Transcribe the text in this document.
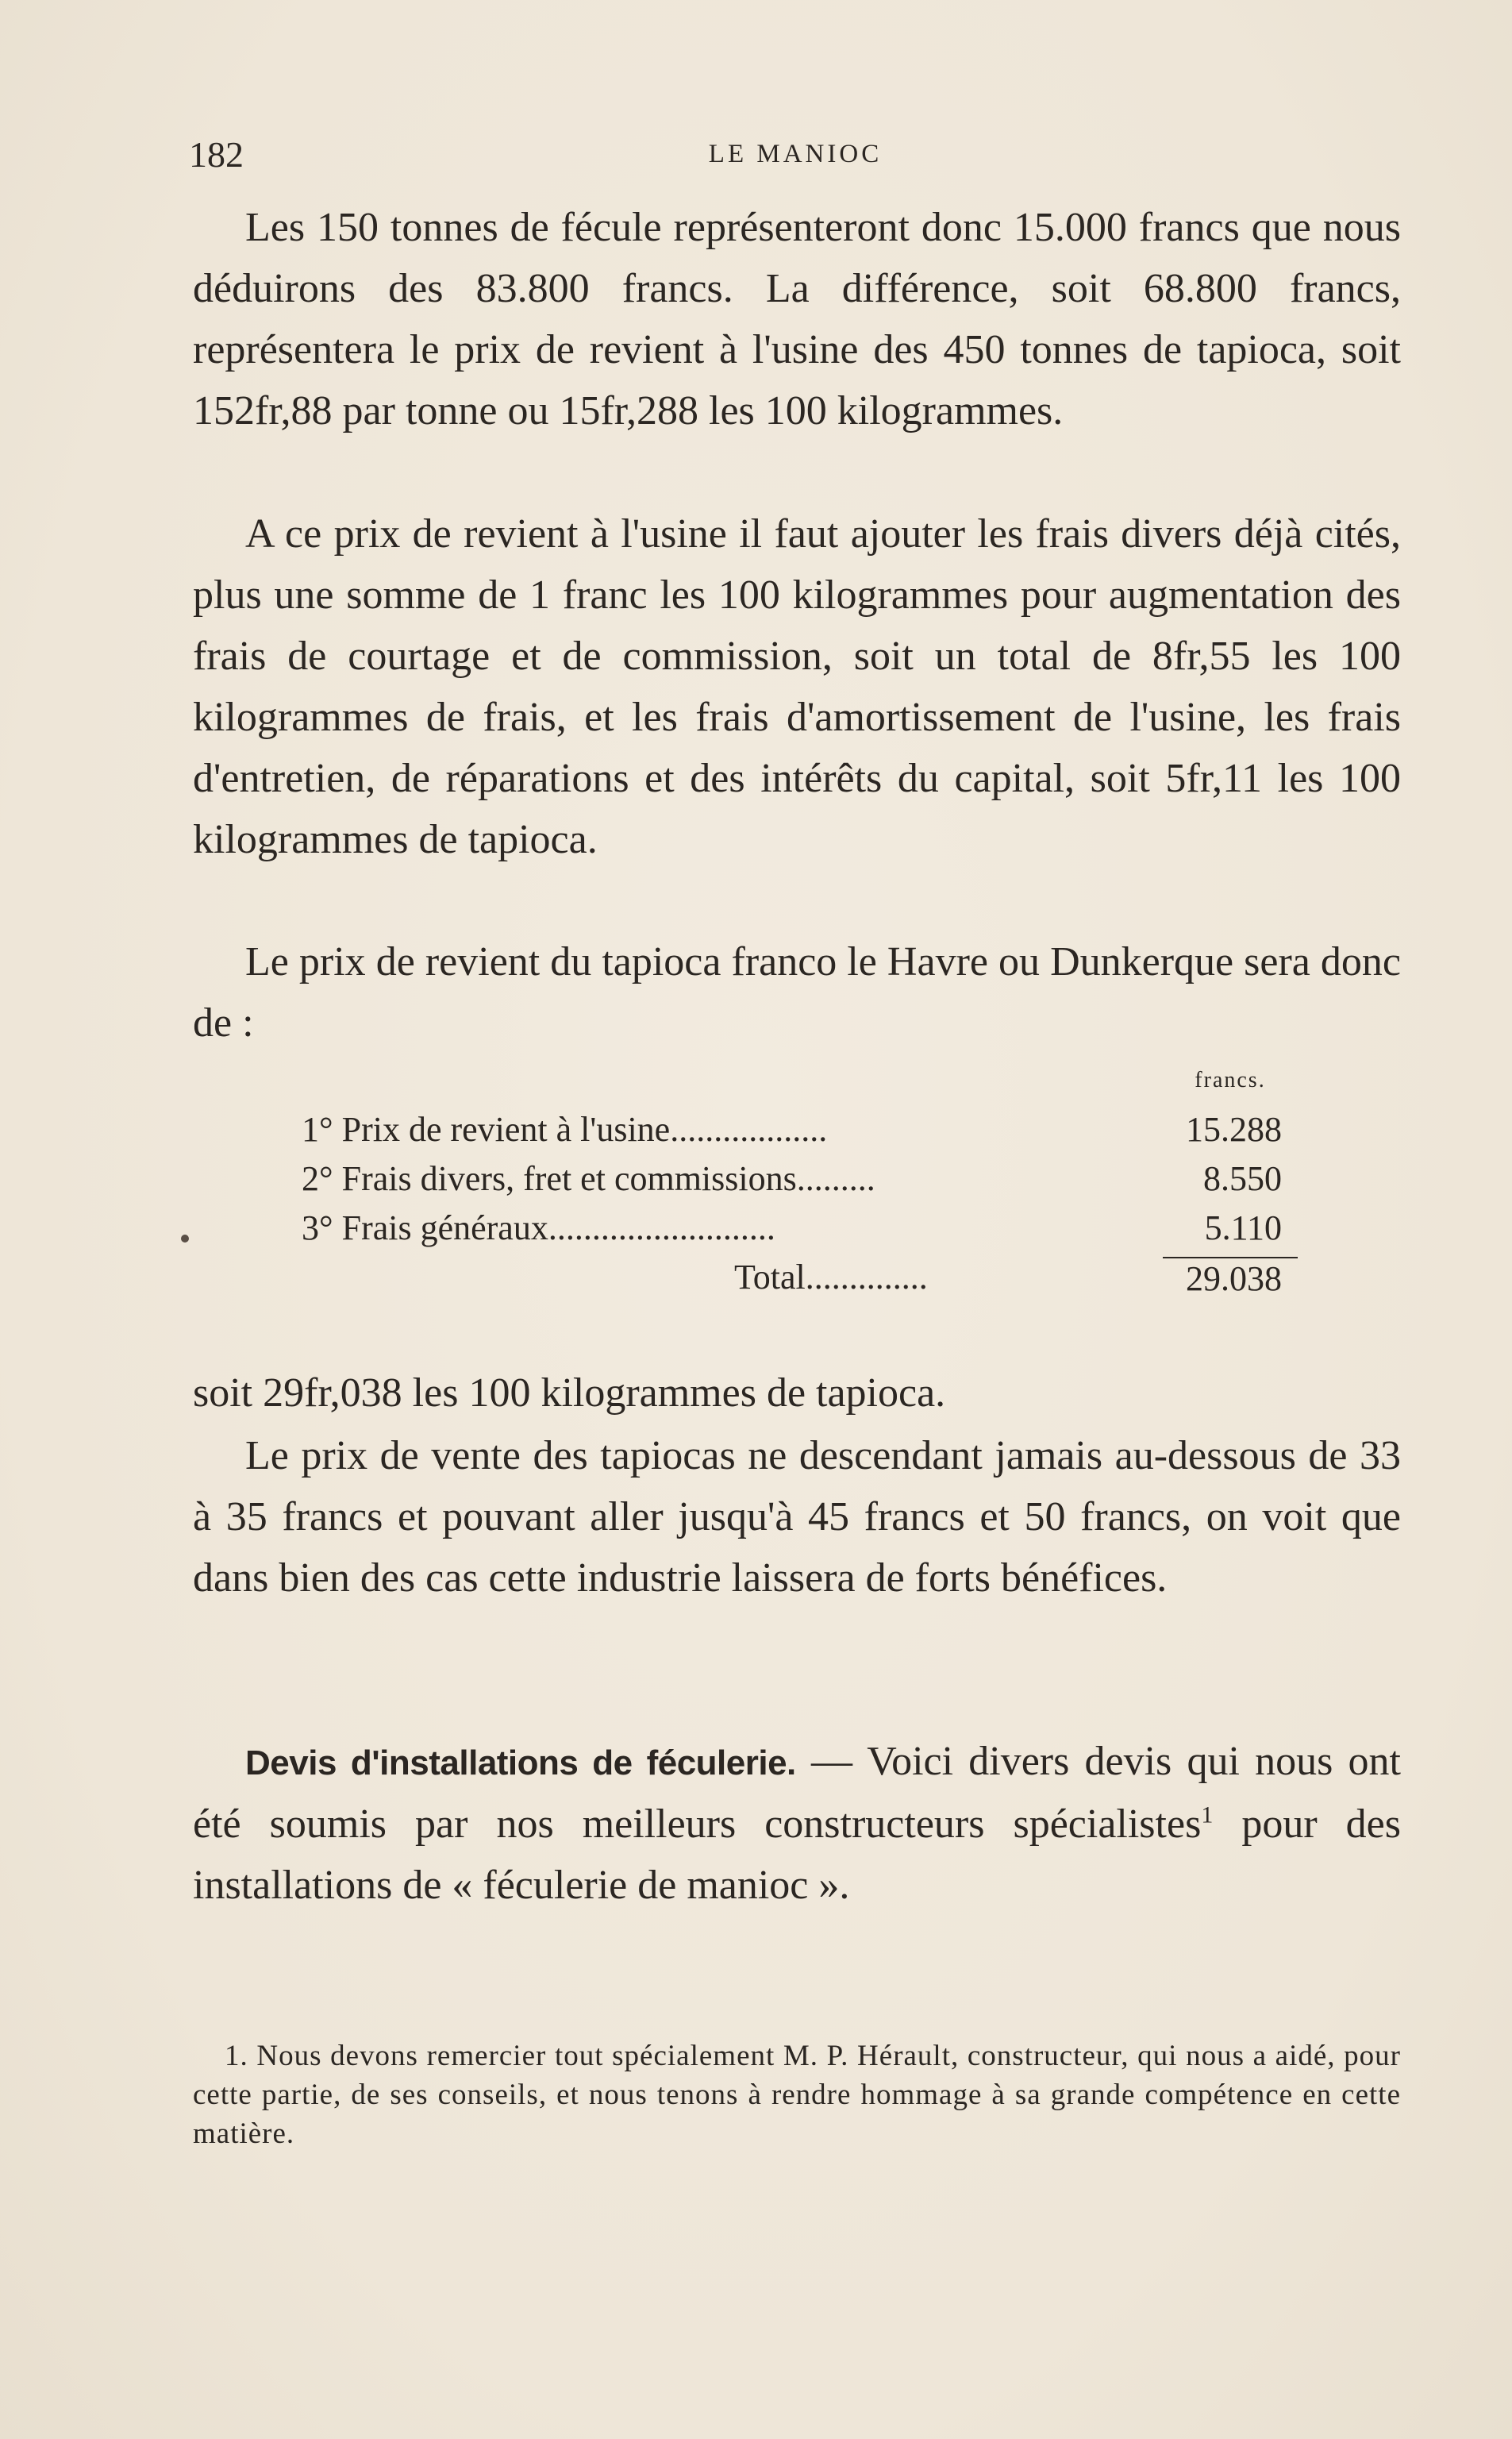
182	LE MANIOC

Les 150 tonnes de fécule représenteront donc 15.000 francs que nous déduirons des 83.800 francs. La différence, soit 68.800 francs, représentera le prix de revient à l'usine des 450 tonnes de tapioca, soit 152fr,88 par tonne ou 15fr,288 les 100 kilogrammes.

A ce prix de revient à l'usine il faut ajouter les frais divers déjà cités, plus une somme de 1 franc les 100 kilogrammes pour augmentation des frais de courtage et de commission, soit un total de 8fr,55 les 100 kilogrammes de frais, et les frais d'amortissement de l'usine, les frais d'entretien, de réparations et des intérêts du capital, soit 5fr,11 les 100 kilogrammes de tapioca.

Le prix de revient du tapioca franco le Havre ou Dunkerque sera donc de :

francs.
1° Prix de revient à l'usine..................	15.288
2° Frais divers, fret et commissions.........	8.550
3° Frais généraux..........................	5.110
Total..............	29.038

soit 29fr,038 les 100 kilogrammes de tapioca.

Le prix de vente des tapiocas ne descendant jamais au-dessous de 33 à 35 francs et pouvant aller jusqu'à 45 francs et 50 francs, on voit que dans bien des cas cette industrie laissera de forts bénéfices.

Devis d'installations de féculerie. — Voici divers devis qui nous ont été soumis par nos meilleurs constructeurs spécialistes$^1$ pour des installations de « féculerie de manioc ».

1. Nous devons remercier tout spécialement M. P. Hérault, constructeur, qui nous a aidé, pour cette partie, de ses conseils, et nous tenons à rendre hommage à sa grande compétence en cette matière.
